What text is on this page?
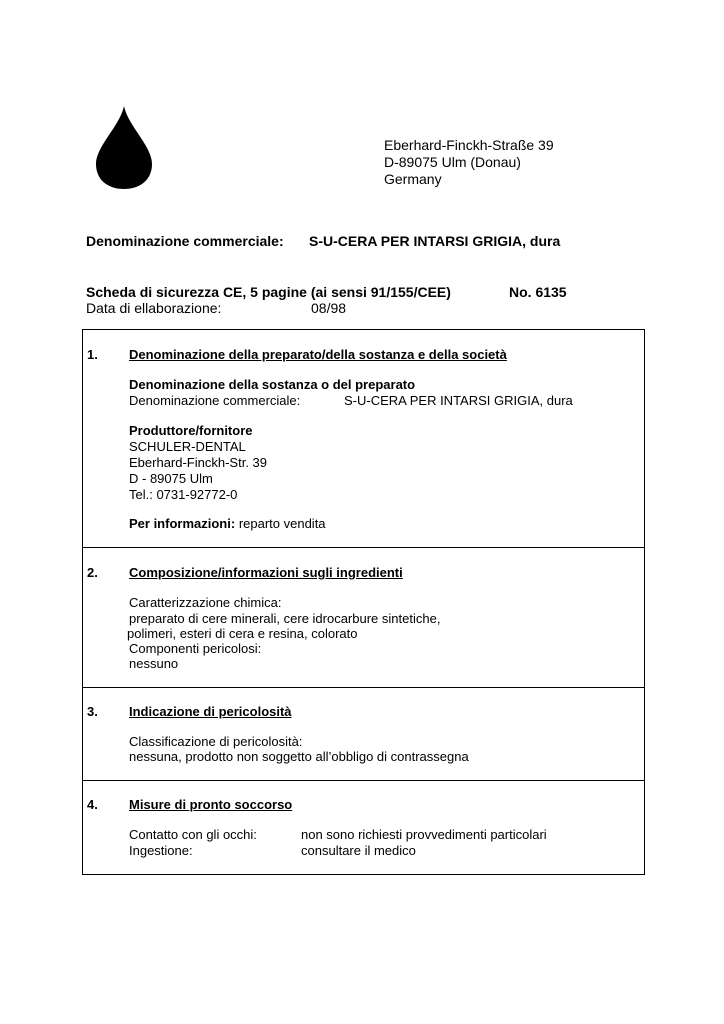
Eberhard-Finckh-Straße 39
D-89075 Ulm (Donau)
Germany
Denominazione commerciale: S-U-CERA PER INTARSI GRIGIA, dura
Scheda di sicurezza CE, 5 pagine (ai sensi 91/155/CEE)	No. 6135
Data di ellaborazione:	08/98
1. Denominazione della preparato/della sostanza e della società
Denominazione della sostanza o del preparato
Denominazione commerciale:	S-U-CERA PER INTARSI GRIGIA, dura
Produttore/fornitore
SCHULER-DENTAL
Eberhard-Finckh-Str. 39
D - 89075 Ulm
Tel.: 0731-92772-0
Per informazioni: reparto vendita
2. Composizione/informazioni sugli ingredienti
Caratterizzazione chimica:
preparato di cere minerali, cere idrocarbure sintetiche,
polimeri, esteri di cera e resina, colorato
Componenti pericolosi:
nessuno
3. Indicazione di pericolosità
Classificazione di pericolosità:
nessuna, prodotto non soggetto all’obbligo di contrassegna
4. Misure di pronto soccorso
Contatto con gli occhi:	non sono richiesti provvedimenti particolari
Ingestione:	consultare il medico
